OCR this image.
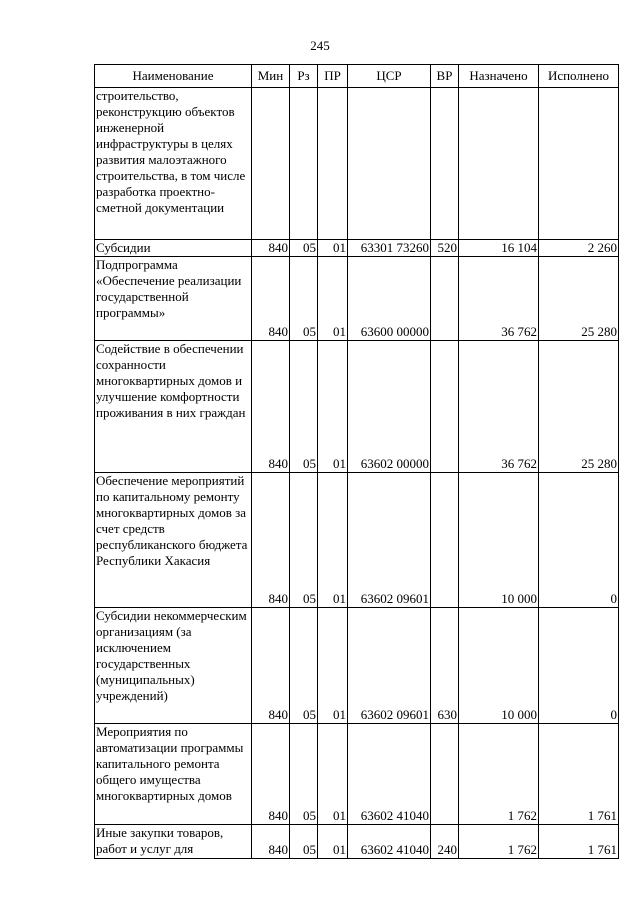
245
Наименование	Мин	Рз	ПР	ЦСР	ВР	Назначено	Исполнено
строительство, реконструкцию объектов инженерной инфраструктуры в целях развития малоэтажного строительства, в том числе разработка проектно-сметной документации							
Субсидии	840	05	01	63301 73260	520	16 104	2 260
Подпрограмма «Обеспечение реализации государственной программы»	840	05	01	63600 00000		36 762	25 280
Содействие в обеспечении сохранности многоквартирных домов и улучшение комфортности проживания в них граждан	840	05	01	63602 00000		36 762	25 280
Обеспечение мероприятий по капитальному ремонту многоквартирных домов за счет средств республиканского бюджета Республики Хакасия	840	05	01	63602 09601		10 000	0
Субсидии некоммерческим организациям (за исключением государственных (муниципальных) учреждений)	840	05	01	63602 09601	630	10 000	0
Мероприятия по автоматизации программы капитального ремонта общего имущества многоквартирных домов	840	05	01	63602 41040		1 762	1 761
Иные закупки товаров, работ и услуг для	840	05	01	63602 41040	240	1 762	1 761
